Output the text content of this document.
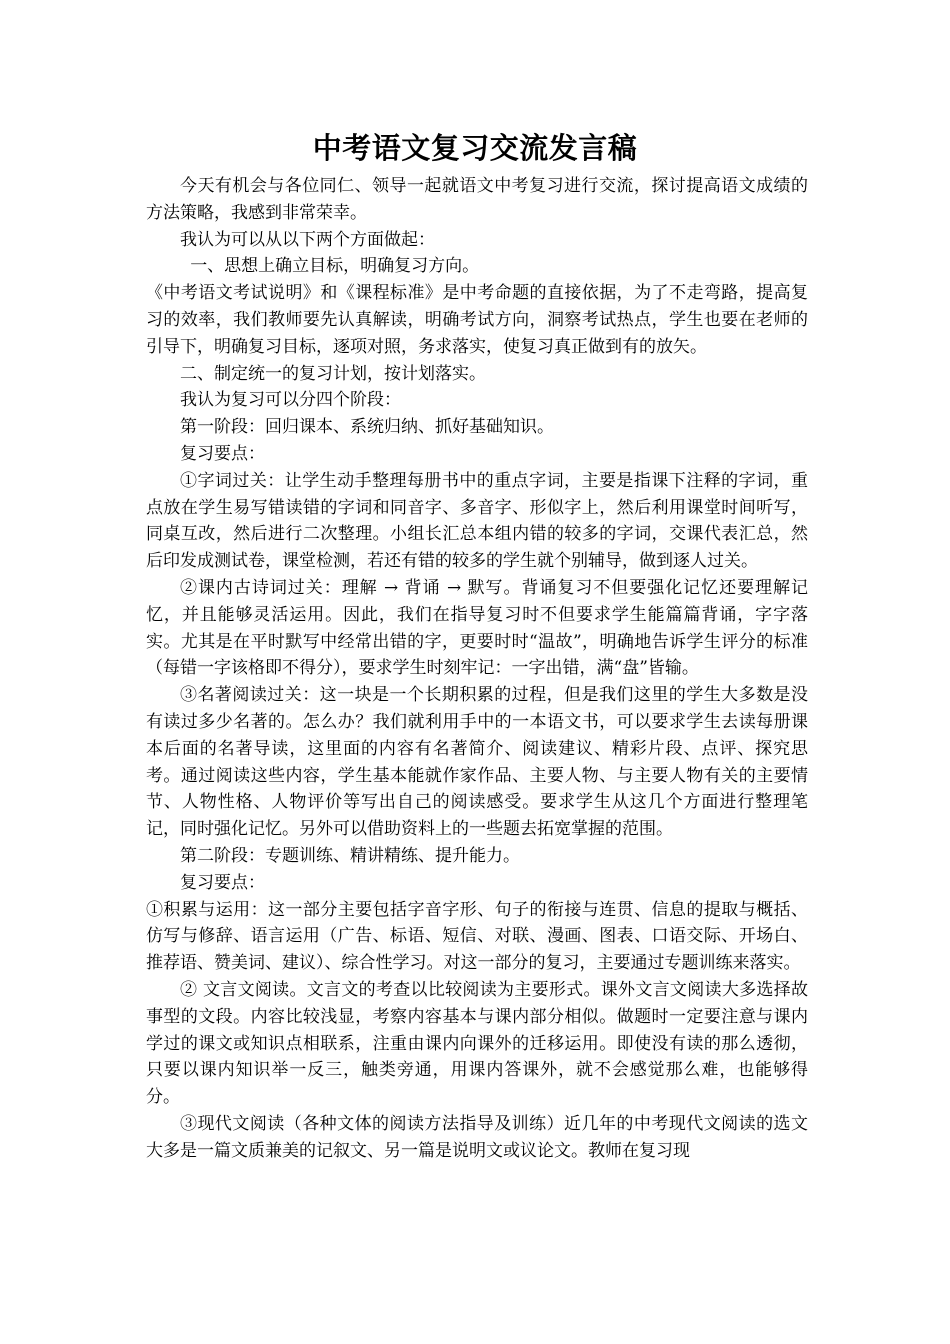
中考语文复习交流发言稿

今天有机会与各位同仁、领导一起就语文中考复习进行交流，探讨提高语文成绩的方法策略，我感到非常荣幸。

我认为可以从以下两个方面做起：

一、思想上确立目标，明确复习方向。

《中考语文考试说明》和《课程标准》是中考命题的直接依据，为了不走弯路，提高复习的效率，我们教师要先认真解读，明确考试方向，洞察考试热点，学生也要在老师的引导下，明确复习目标，逐项对照，务求落实，使复习真正做到有的放矢。

二、制定统一的复习计划，按计划落实。

我认为复习可以分四个阶段：

第一阶段：回归课本、系统归纳、抓好基础知识。

复习要点：

①字词过关：让学生动手整理每册书中的重点字词，主要是指课下注释的字词，重点放在学生易写错读错的字词和同音字、多音字、形似字上，然后利用课堂时间听写，同桌互改，然后进行二次整理。小组长汇总本组内错的较多的字词，交课代表汇总，然后印发成测试卷，课堂检测，若还有错的较多的学生就个别辅导，做到逐人过关。

②课内古诗词过关：理解 → 背诵 → 默写。背诵复习不但要强化记忆还要理解记忆，并且能够灵活运用。因此，我们在指导复习时不但要求学生能篇篇背诵，字字落实。尤其是在平时默写中经常出错的字，更要时时“温故”，明确地告诉学生评分的标准（每错一字该格即不得分），要求学生时刻牢记：一字出错，满“盘”皆输。

③名著阅读过关：这一块是一个长期积累的过程，但是我们这里的学生大多数是没有读过多少名著的。怎么办？我们就利用手中的一本语文书，可以要求学生去读每册课本后面的名著导读，这里面的内容有名著简介、阅读建议、精彩片段、点评、探究思考。通过阅读这些内容，学生基本能就作家作品、主要人物、与主要人物有关的主要情节、人物性格、人物评价等写出自己的阅读感受。要求学生从这几个方面进行整理笔记，同时强化记忆。另外可以借助资料上的一些题去拓宽掌握的范围。

第二阶段：专题训练、精讲精练、提升能力。

复习要点：

①积累与运用：这一部分主要包括字音字形、句子的衔接与连贯、信息的提取与概括、仿写与修辞、语言运用（广告、标语、短信、对联、漫画、图表、口语交际、开场白、推荐语、赞美词、建议）、综合性学习。对这一部分的复习，主要通过专题训练来落实。

② 文言文阅读。文言文的考查以比较阅读为主要形式。课外文言文阅读大多选择故事型的文段。内容比较浅显，考察内容基本与课内部分相似。做题时一定要注意与课内学过的课文或知识点相联系，注重由课内向课外的迁移运用。即使没有读的那么透彻，只要以课内知识举一反三，触类旁通，用课内答课外，就不会感觉那么难，也能够得分。

③现代文阅读（各种文体的阅读方法指导及训练）近几年的中考现代文阅读的选文大多是一篇文质兼美的记叙文、另一篇是说明文或议论文。教师在复习现
